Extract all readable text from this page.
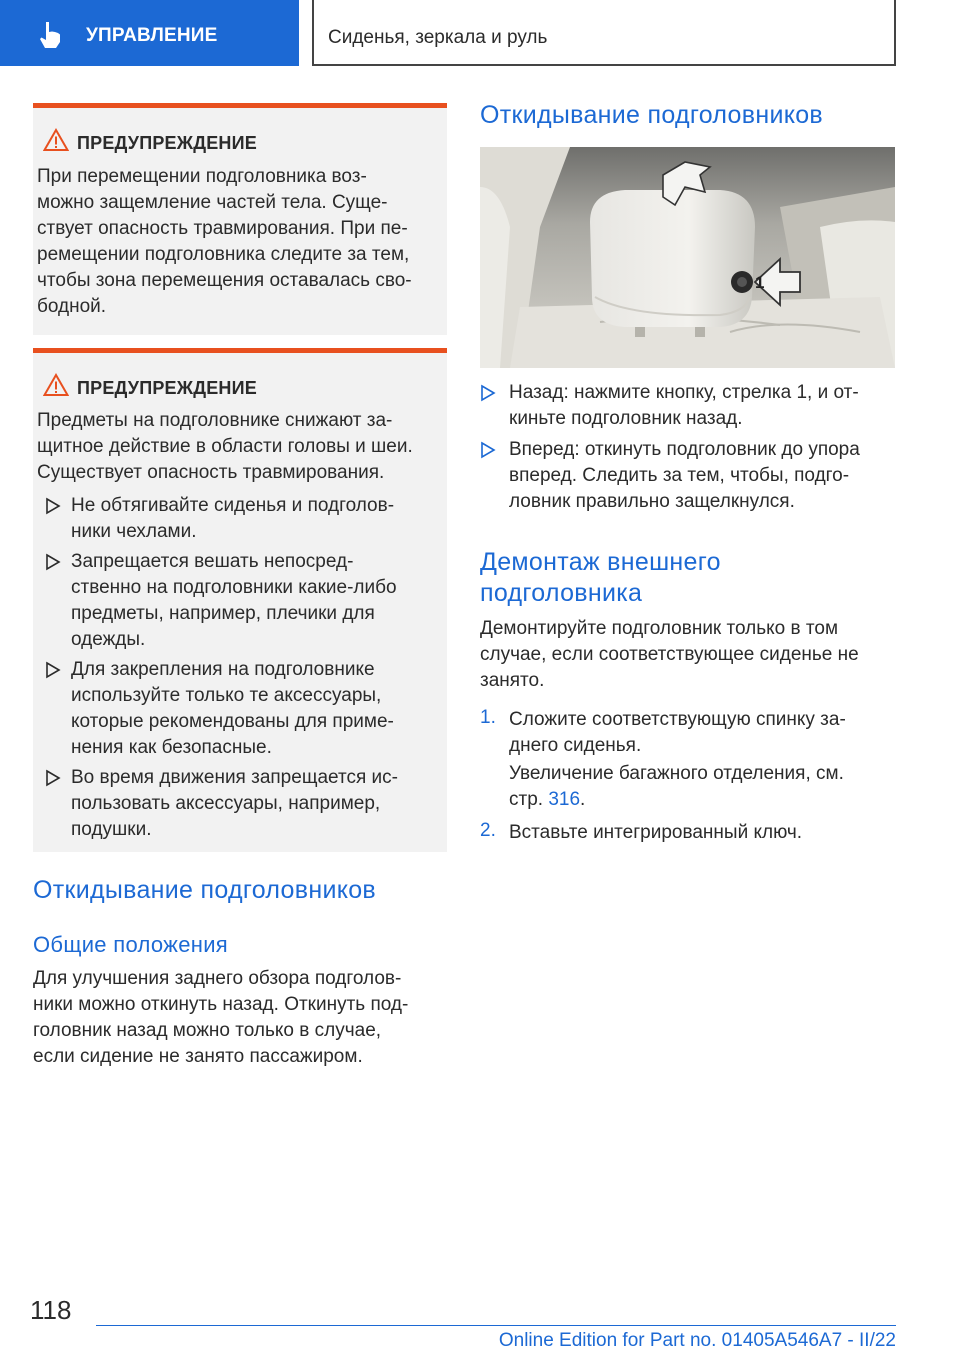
УПРАВЛЕНИЕ	Сиденья, зеркала и руль
ПРЕДУПРЕЖДЕНИЕ
При перемещении подголовника воз-
можно защемление частей тела. Суще-
ствует опасность травмирования. При пе-
ремещении подголовника следите за тем,
чтобы зона перемещения оставалась сво-
бодной.
ПРЕДУПРЕЖДЕНИЕ
Предметы на подголовнике снижают за-
щитное действие в области головы и шеи.
Существует опасность травмирования.
Не обтягивайте сиденья и подголов-
ники чехлами.
Запрещается вешать непосред-
ственно на подголовники какие-либо
предметы, например, плечики для
одежды.
Для закрепления на подголовнике
используйте только те аксессуары,
которые рекомендованы для приме-
нения как безопасные.
Во время движения запрещается ис-
пользовать аксессуары, например,
подушки.
Откидывание подголовников
Общие положения
Для улучшения заднего обзора подголов-
ники можно откинуть назад. Откинуть под-
головник назад можно только в случае,
если сидение не занято пассажиром.
Откидывание подголовников
1
Назад: нажмите кнопку, стрелка 1, и от-
киньте подголовник назад.
Вперед: откинуть подголовник до упора
вперед. Следить за тем, чтобы, подго-
ловник правильно защелкнулся.
Демонтаж внешнего
подголовника
Демонтируйте подголовник только в том
случае, если соответствующее сиденье не
занято.
1. Сложите соответствующую спинку за-
днего сиденья.
Увеличение багажного отделения, см.
стр. 316.
2. Вставьте интегрированный ключ.
118
Online Edition for Part no. 01405A546A7 - II/22
